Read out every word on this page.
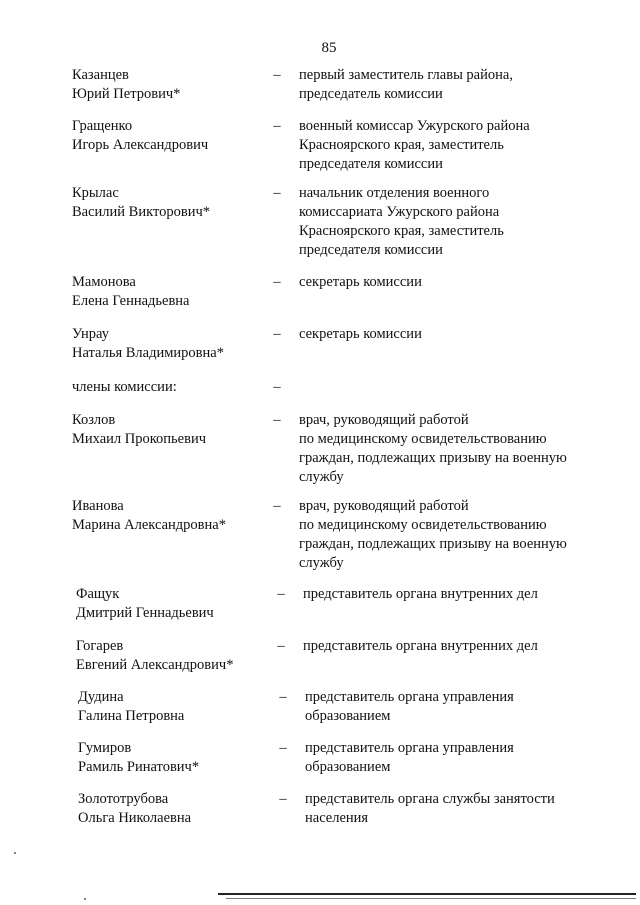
85
Казанцев
Юрий Петрович*
– первый заместитель главы района,
председатель комиссии
Гращенко
Игорь Александрович
– военный комиссар Ужурского района
Красноярского края, заместитель
председателя комиссии
Крылас
Василий Викторович*
– начальник отделения военного
комиссариата Ужурского района
Красноярского края, заместитель
председателя комиссии
Мамонова
Елена Геннадьевна
– секретарь комиссии
Унрау
Наталья Владимировна*
– секретарь комиссии
члены комиссии:	–
Козлов
Михаил Прокопьевич
– врач, руководящий работой
по медицинскому освидетельствованию
граждан, подлежащих призыву на военную
службу
Иванова
Марина Александровна*
– врач, руководящий работой
по медицинскому освидетельствованию
граждан, подлежащих призыву на военную
службу
Фащук
Дмитрий Геннадьевич
– представитель органа внутренних дел
Гогарев
Евгений Александрович*
– представитель органа внутренних дел
Дудина
Галина Петровна
– представитель органа управления
образованием
Гумиров
Рамиль Ринатович*
– представитель органа управления
образованием
Золототрубова
Ольга Николаевна
– представитель органа службы занятости
населения
